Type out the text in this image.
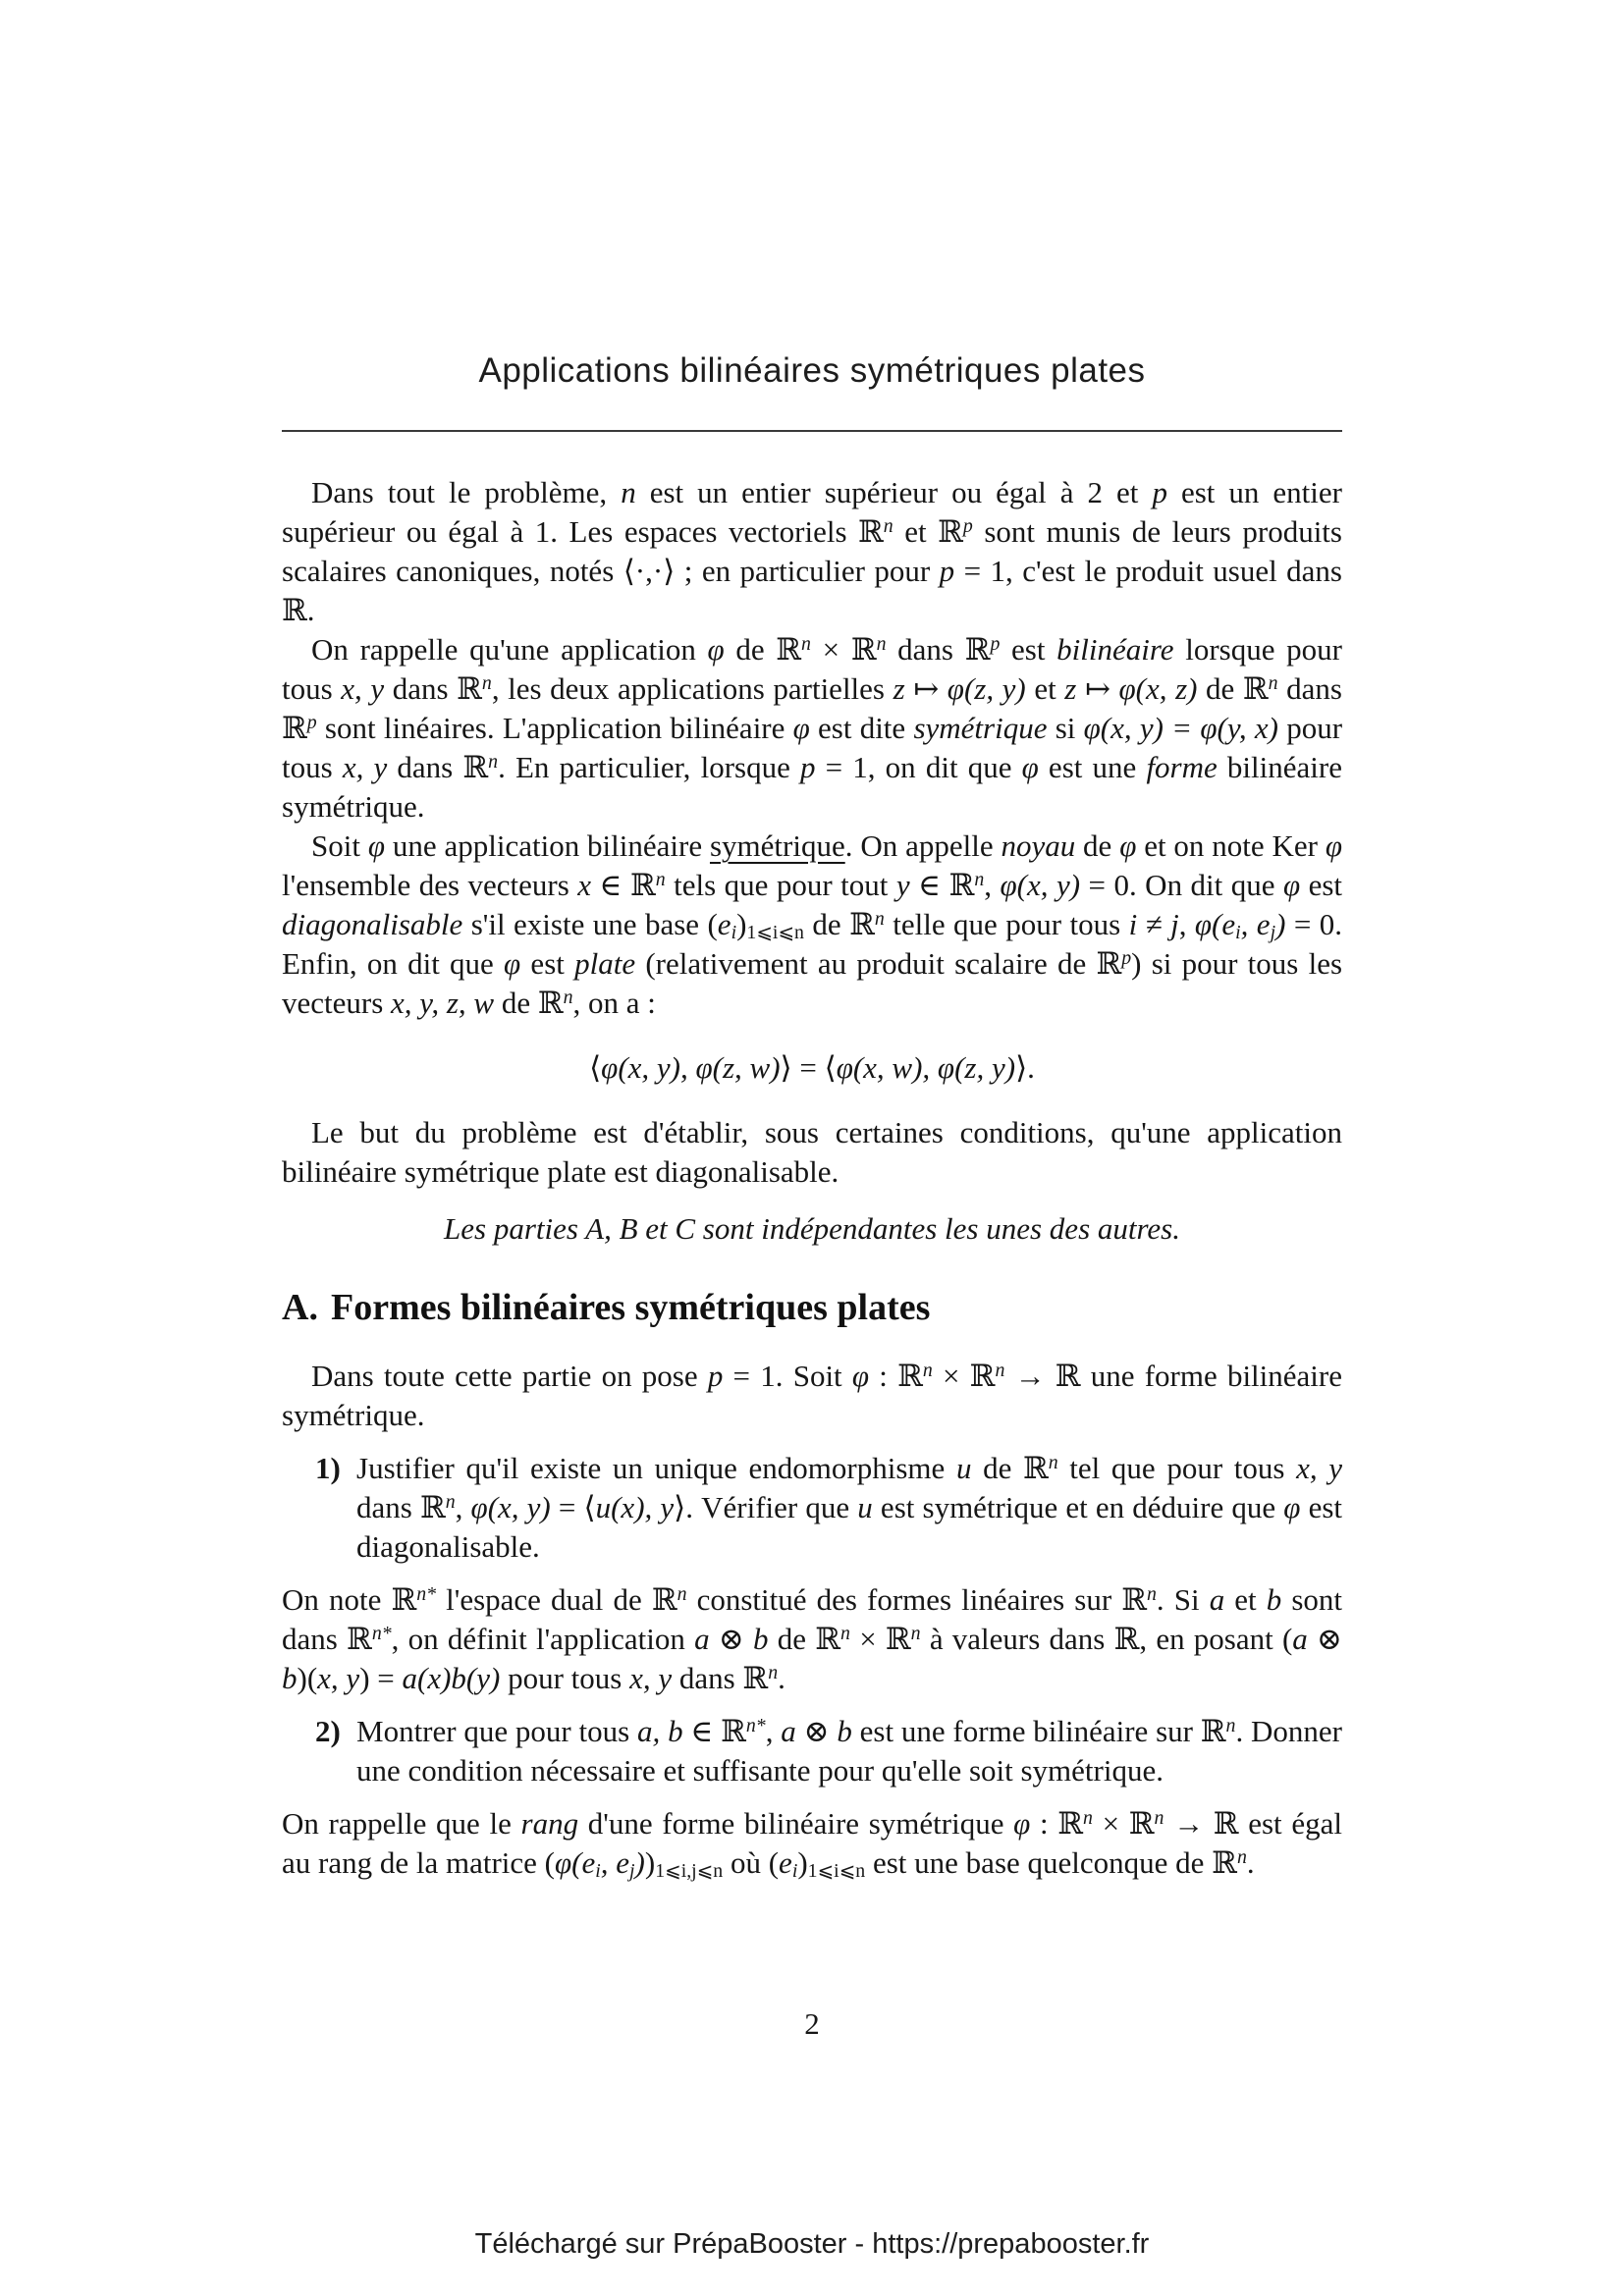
Applications bilinéaires symétriques plates

Dans tout le problème, n est un entier supérieur ou égal à 2 et p est un entier supérieur ou égal à 1. Les espaces vectoriels ℝ$^n$ et ℝ$^p$ sont munis de leurs produits scalaires canoniques, notés ⟨·,·⟩ ; en particulier pour p = 1, c'est le produit usuel dans ℝ.

On rappelle qu'une application φ de ℝ$^n$ × ℝ$^n$ dans ℝ$^p$ est bilinéaire lorsque pour tous x, y dans ℝ$^n$, les deux applications partielles z ↦ φ(z, y) et z ↦ φ(x, z) de ℝ$^n$ dans ℝ$^p$ sont linéaires. L'application bilinéaire φ est dite symétrique si φ(x, y) = φ(y, x) pour tous x, y dans ℝ$^n$. En particulier, lorsque p = 1, on dit que φ est une forme bilinéaire symétrique.

Soit φ une application bilinéaire symétrique. On appelle noyau de φ et on note Ker φ l'ensemble des vecteurs x ∈ ℝ$^n$ tels que pour tout y ∈ ℝ$^n$, φ(x, y) = 0. On dit que φ est diagonalisable s'il existe une base $(e_i)_{1⩽i⩽n}$ de ℝ$^n$ telle que pour tous i ≠ j, $\varphi(e_i$, $e_j) = 0$. Enfin, on dit que φ est plate (relativement au produit scalaire de ℝ$^p$) si pour tous les vecteurs x, y, z, w de ℝ$^n$, on a :

⟨φ(x, y), φ(z, w)⟩ = ⟨φ(x, w), φ(z, y)⟩.

Le but du problème est d'établir, sous certaines conditions, qu'une application bilinéaire symétrique plate est diagonalisable.

Les parties A, B et C sont indépendantes les unes des autres.
A. Formes bilinéaires symétriques plates

Dans toute cette partie on pose p = 1. Soit φ : ℝ$^n$ × ℝ$^n$ → ℝ une forme bilinéaire symétrique.

1) Justifier qu'il existe un unique endomorphisme u de ℝ$^n$ tel que pour tous x, y dans ℝ$^n$, φ(x, y) = ⟨u(x), y⟩. Vérifier que u est symétrique et en déduire que φ est diagonalisable.

On note ℝ$^{n*}$ l'espace dual de ℝ$^n$ constitué des formes linéaires sur ℝ$^n$. Si a et b sont dans ℝ$^{n*}$, on définit l'application a ⊗ b de ℝ$^n$ × ℝ$^n$ à valeurs dans ℝ, en posant (a ⊗ b)(x, y) = a(x)b(y) pour tous x, y dans ℝ$^n$.

2) Montrer que pour tous a, b ∈ ℝ$^{n*}$, a ⊗ b est une forme bilinéaire sur ℝ$^n$. Donner une condition nécessaire et suffisante pour qu'elle soit symétrique.

On rappelle que le rang d'une forme bilinéaire symétrique φ : ℝ$^n$ × ℝ$^n$ → ℝ est égal au rang de la matrice ($\varphi(e_i$, $e_j))_{1⩽i,j⩽n}$ où $(e_i)_{1⩽i⩽n}$ est une base quelconque de ℝ$^n$.

2
Téléchargé sur PrépaBooster - https://prepabooster.fr
